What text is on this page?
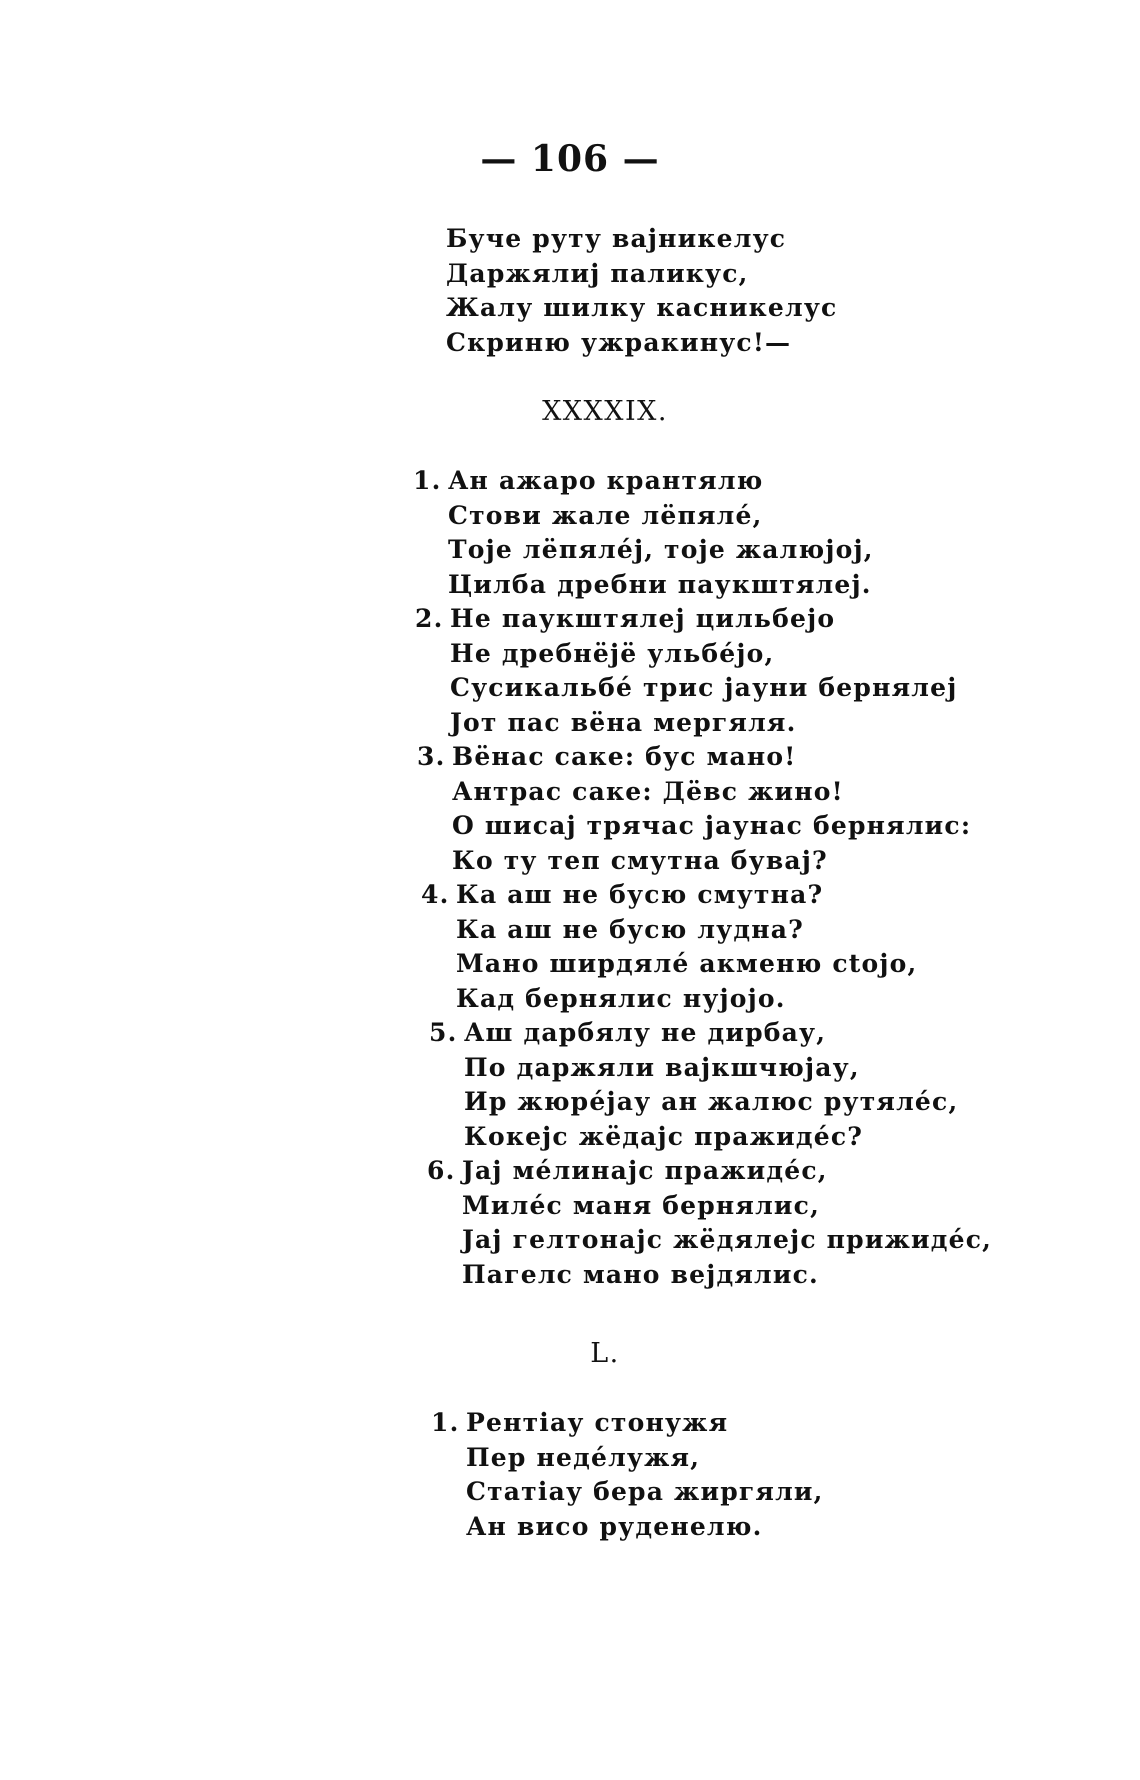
— 106 —
Буче руту вајникелус
Дaржялиј паликус,
Жалу шилку касникелус
Скриню ужракинус!—
XXXXIX.
1. Ан ажаро крантялю
Стови жале лёпялé,
Тоје лёпялéј, тоје жалюјој,
Цилба дребни паукштялеј.
2. Не паукштялеј цильбејо
Не дребнёјё ульбéјо,
Сусикальбé трис јауни бернялеј
Јот пас вёна мергяля.
3. Вёнас саке: бус мано!
Антрас саке: Дёвс жино!
О шисај трячас јаунас бернялис:
Ко ту теп смутна бувај?
4. Ка аш не бусю смутна?
Ка аш не бусю лудна?
Мано ширдялé акменю сtојо,
Кад бернялис нујојо.
5. Аш дарбялу не дирбау,
По даржяли вајкшчюјау,
Ир жюрéјау ан жалюс рутялéс,
Кокејс жёдајс пражидéс?
6. Јај мéлинајс пражидéс,
Милéс маня бернялис,
Јај гелтонајс жёдялејс прижидéс,
Пагелс мано вејдялис.
L.
1. Рентіау стонужя
Пер недéлужя,
Статіау бера жиргяли,
Ан висо руденелю.
